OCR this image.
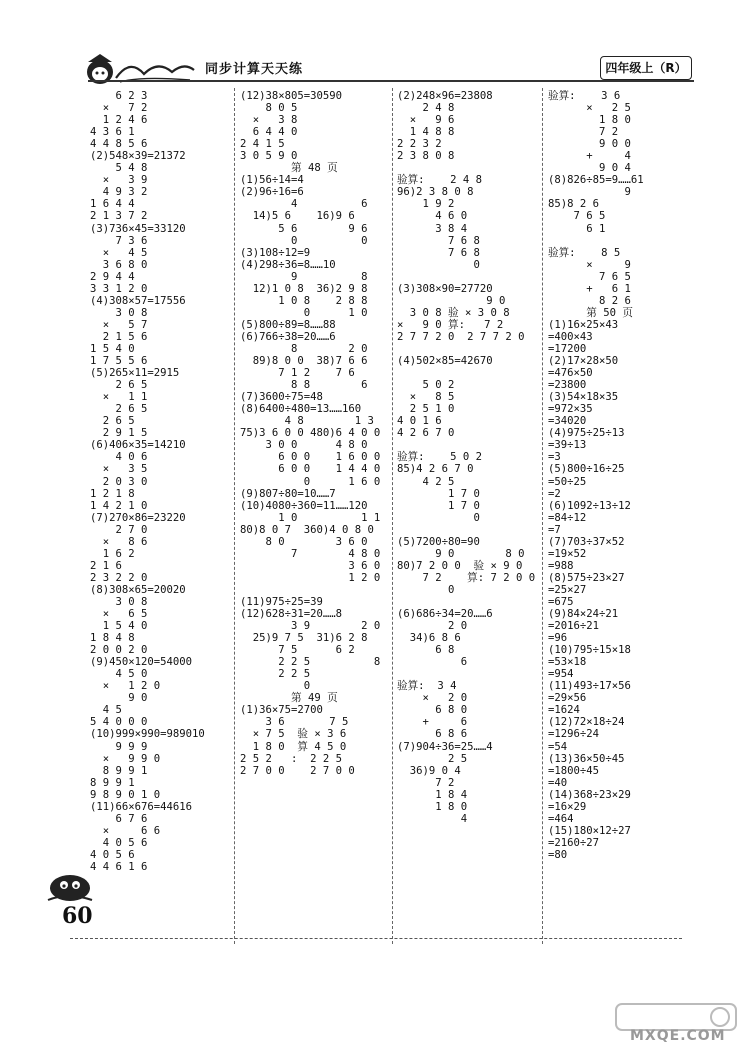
同步计算天天练	四年级上（R）
6 2 3
×   7 2
1 2 4 6
4 3 6 1
4 4 8 5 6
(2)548×39=21372
5 4 8
×   3 9
4 9 3 2
1 6 4 4
2 1 3 7 2
(3)736×45=33120
7 3 6
×   4 5
3 6 8 0
2 9 4 4
3 3 1 2 0
(4)308×57=17556
3 0 8
×   5 7
2 1 5 6
1 5 4 0
1 7 5 5 6
(5)265×11=2915
2 6 5
×   1 1
2 6 5
2 6 5
2 9 1 5
(6)406×35=14210
4 0 6
×   3 5
2 0 3 0
1 2 1 8
1 4 2 1 0
(7)270×86=23220
2 7 0
×   8 6
1 6 2
2 1 6
2 3 2 2 0
(8)308×65=20020
3 0 8
×   6 5
1 5 4 0
1 8 4 8
2 0 0 2 0
(9)450×120=54000
4 5 0
×   1 2 0
9 0
4 5
5 4 0 0 0
(10)999×990=989010
9 9 9
×   9 9 0
8 9 9 1
8 9 9 1
9 8 9 0 1 0
(11)66×676=44616
6 7 6
×     6 6
4 0 5 6
4 0 5 6
4 4 6 1 6
(12)38×805=30590
8 0 5
×   3 8
6 4 4 0
2 4 1 5
3 0 5 9 0
第 48 页
(1)56÷14=4
(2)96÷16=6
4          6
14)5 6    16)9 6
5 6        9 6
0          0
(3)108÷12=9
(4)298÷36=8……10
9          8
12)1 0 8  36)2 9 8
1 0 8    2 8 8
0      1 0
(5)800÷89=8……88
(6)766÷38=20……6
8        2 0
89)8 0 0  38)7 6 6
7 1 2    7 6
8 8        6
(7)3600÷75=48
(8)6400÷480=13……160
4 8        1 3
75)3 6 0 0 480)6 4 0 0
3 0 0      4 8 0
6 0 0    1 6 0 0
6 0 0    1 4 4 0
0      1 6 0
(9)807÷80=10……7
(10)4080÷360=11……120
1 0          1 1
80)8 0 7  360)4 0 8 0
8 0        3 6 0
7        4 8 0
3 6 0
1 2 0
(11)975÷25=39
(12)628÷31=20……8
3 9        2 0
25)9 7 5  31)6 2 8
7 5      6 2
2 2 5          8
2 2 5
0
第 49 页
(1)36×75=2700
3 6       7 5
× 7 5  验 × 3 6
1 8 0  算 4 5 0
2 5 2   :  2 2 5
2 7 0 0    2 7 0 0
(2)248×96=23808
2 4 8
×   9 6
1 4 8 8
2 2 3 2
2 3 8 0 8
验算:    2 4 8
96)2 3 8 0 8
1 9 2
4 6 0
3 8 4
7 6 8
7 6 8
0
(3)308×90=27720
9 0
3 0 8 验 × 3 0 8
×   9 0 算:   7 2
2 7 7 2 0  2 7 7 2 0
(4)502×85=42670
5 0 2
×   8 5
2 5 1 0
4 0 1 6
4 2 6 7 0
验算:    5 0 2
85)4 2 6 7 0
4 2 5
1 7 0
1 7 0
0
(5)7200÷80=90
9 0        8 0
80)7 2 0 0  验 × 9 0
7 2    算: 7 2 0 0
0
(6)686÷34=20……6
2 0
34)6 8 6
6 8
6
验算:  3 4
×   2 0
6 8 0
+     6
6 8 6
(7)904÷36=25……4
2 5
36)9 0 4
7 2
1 8 4
1 8 0
4
验算:    3 6
×   2 5
1 8 0
7 2
9 0 0
+     4
9 0 4
(8)826÷85=9……61
9
85)8 2 6
7 6 5
6 1
验算:    8 5
×     9
7 6 5
+   6 1
8 2 6
第 50 页
(1)16×25×43
=400×43
=17200
(2)17×28×50
=476×50
=23800
(3)54×18×35
=972×35
=34020
(4)975÷25÷13
=39÷13
=3
(5)800÷16÷25
=50÷25
=2
(6)1092÷13÷12
=84÷12
=7
(7)703÷37×52
=19×52
=988
(8)575÷23×27
=25×27
=675
(9)84×24÷21
=2016÷21
=96
(10)795÷15×18
=53×18
=954
(11)493÷17×56
=29×56
=1624
(12)72×18÷24
=1296÷24
=54
(13)36×50÷45
=1800÷45
=40
(14)368÷23×29
=16×29
=464
(15)180×12÷27
=2160÷27
=80
60
MXQE.COM
